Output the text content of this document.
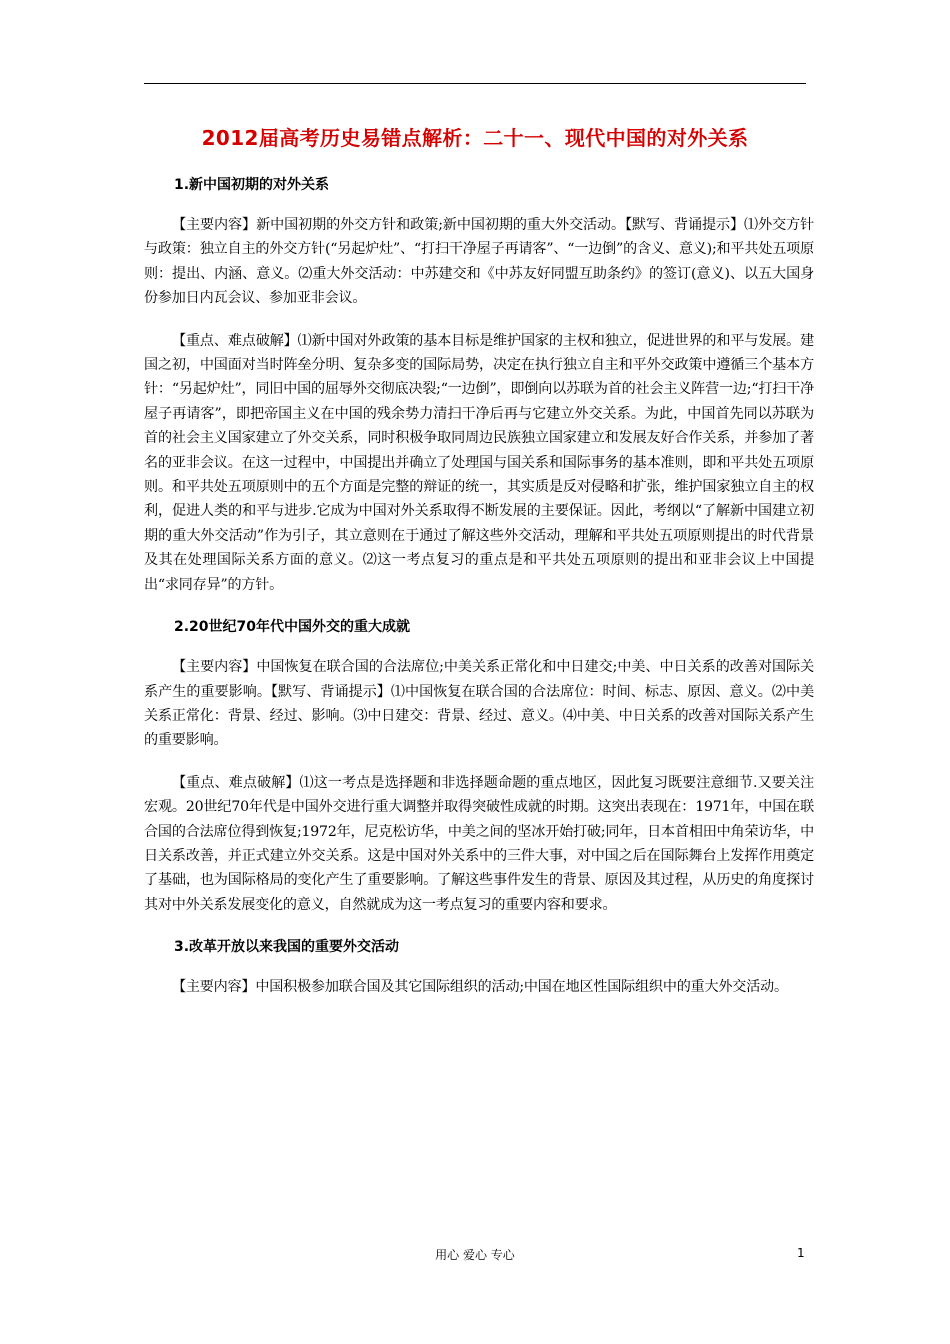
2012届高考历史易错点解析：二十一、现代中国的对外关系
1.新中国初期的对外关系

【主要内容】新中国初期的外交方针和政策;新中国初期的重大外交活动。【默写、背诵提示】⑴外交方针与政策：独立自主的外交方针(“另起炉灶”、“打扫干净屋子再请客”、“一边倒”的含义、意义);和平共处五项原则：提出、内涵、意义。⑵重大外交活动：中苏建交和《中苏友好同盟互助条约》的签订(意义)、以五大国身份参加日内瓦会议、参加亚非会议。

【重点、难点破解】⑴新中国对外政策的基本目标是维护国家的主权和独立，促进世界的和平与发展。建国之初，中国面对当时阵垒分明、复杂多变的国际局势，决定在执行独立自主和平外交政策中遵循三个基本方针：“另起炉灶”，同旧中国的屈辱外交彻底决裂;“一边倒”，即倒向以苏联为首的社会主义阵营一边;“打扫干净屋子再请客”，即把帝国主义在中国的残余势力清扫干净后再与它建立外交关系。为此，中国首先同以苏联为首的社会主义国家建立了外交关系，同时积极争取同周边民族独立国家建立和发展友好合作关系，并参加了著名的亚非会议。在这一过程中，中国提出并确立了处理国与国关系和国际事务的基本准则，即和平共处五项原则。和平共处五项原则中的五个方面是完整的辩证的统一，其实质是反对侵略和扩张，维护国家独立自主的权利，促进人类的和平与进步.它成为中国对外关系取得不断发展的主要保证。因此，考纲以“了解新中国建立初期的重大外交活动”作为引子，其立意则在于通过了解这些外交活动，理解和平共处五项原则提出的时代背景及其在处理国际关系方面的意义。⑵这一考点复习的重点是和平共处五项原则的提出和亚非会议上中国提出“求同存异”的方针。

2.20世纪70年代中国外交的重大成就

【主要内容】中国恢复在联合国的合法席位;中美关系正常化和中日建交;中美、中日关系的改善对国际关系产生的重要影响。【默写、背诵提示】⑴中国恢复在联合国的合法席位：时间、标志、原因、意义。⑵中美关系正常化：背景、经过、影响。⑶中日建交：背景、经过、意义。⑷中美、中日关系的改善对国际关系产生的重要影响。

【重点、难点破解】⑴这一考点是选择题和非选择题命题的重点地区，因此复习既要注意细节.又要关注宏观。20世纪70年代是中国外交进行重大调整并取得突破性成就的时期。这突出表现在：1971年，中国在联合国的合法席位得到恢复;1972年，尼克松访华，中美之间的坚冰开始打破;同年，日本首相田中角荣访华，中日关系改善，并正式建立外交关系。这是中国对外关系中的三件大事，对中国之后在国际舞台上发挥作用奠定了基础，也为国际格局的变化产生了重要影响。了解这些事件发生的背景、原因及其过程，从历史的角度探讨其对中外关系发展变化的意义，自然就成为这一考点复习的重要内容和要求。

3.改革开放以来我国的重要外交活动

【主要内容】中国积极参加联合国及其它国际组织的活动;中国在地区性国际组织中的重大外交活动。

用心 爱心 专心	1
